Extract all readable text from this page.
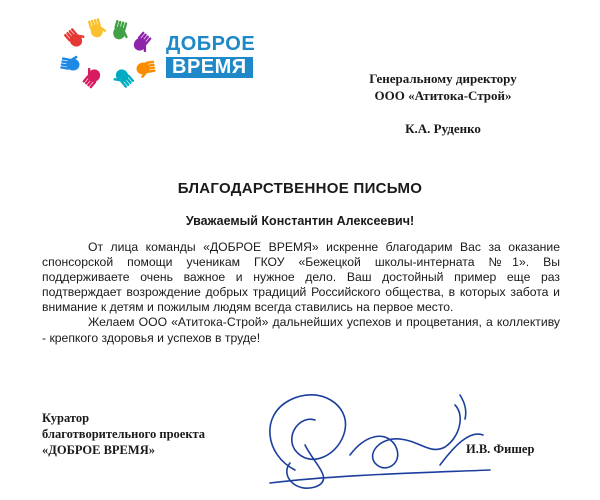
ДОБРОЕ
ВРЕМЯ
Генеральному директору
ООО «Атитока-Строй»
К.А. Руденко
БЛАГОДАРСТВЕННОЕ ПИСЬМО
Уважаемый Константин Алексеевич!

От лица команды «ДОБРОЕ ВРЕМЯ» искренне благодарим Вас за оказание спонсорской помощи ученикам ГКОУ «Бежецкой школы-интерната №1». Вы поддерживаете очень важное и нужное дело. Ваш достойный пример еще раз подтверждает возрождение добрых традиций Российского общества, в которых забота и внимание к детям и пожилым людям всегда ставились на первое место.

Желаем ООО «Атитока-Строй» дальнейших успехов и процветания, а коллективу - крепкого здоровья и успехов в труде!

Куратор
благотворительного проекта
«ДОБРОЕ ВРЕМЯ»	И.В. Фишер
